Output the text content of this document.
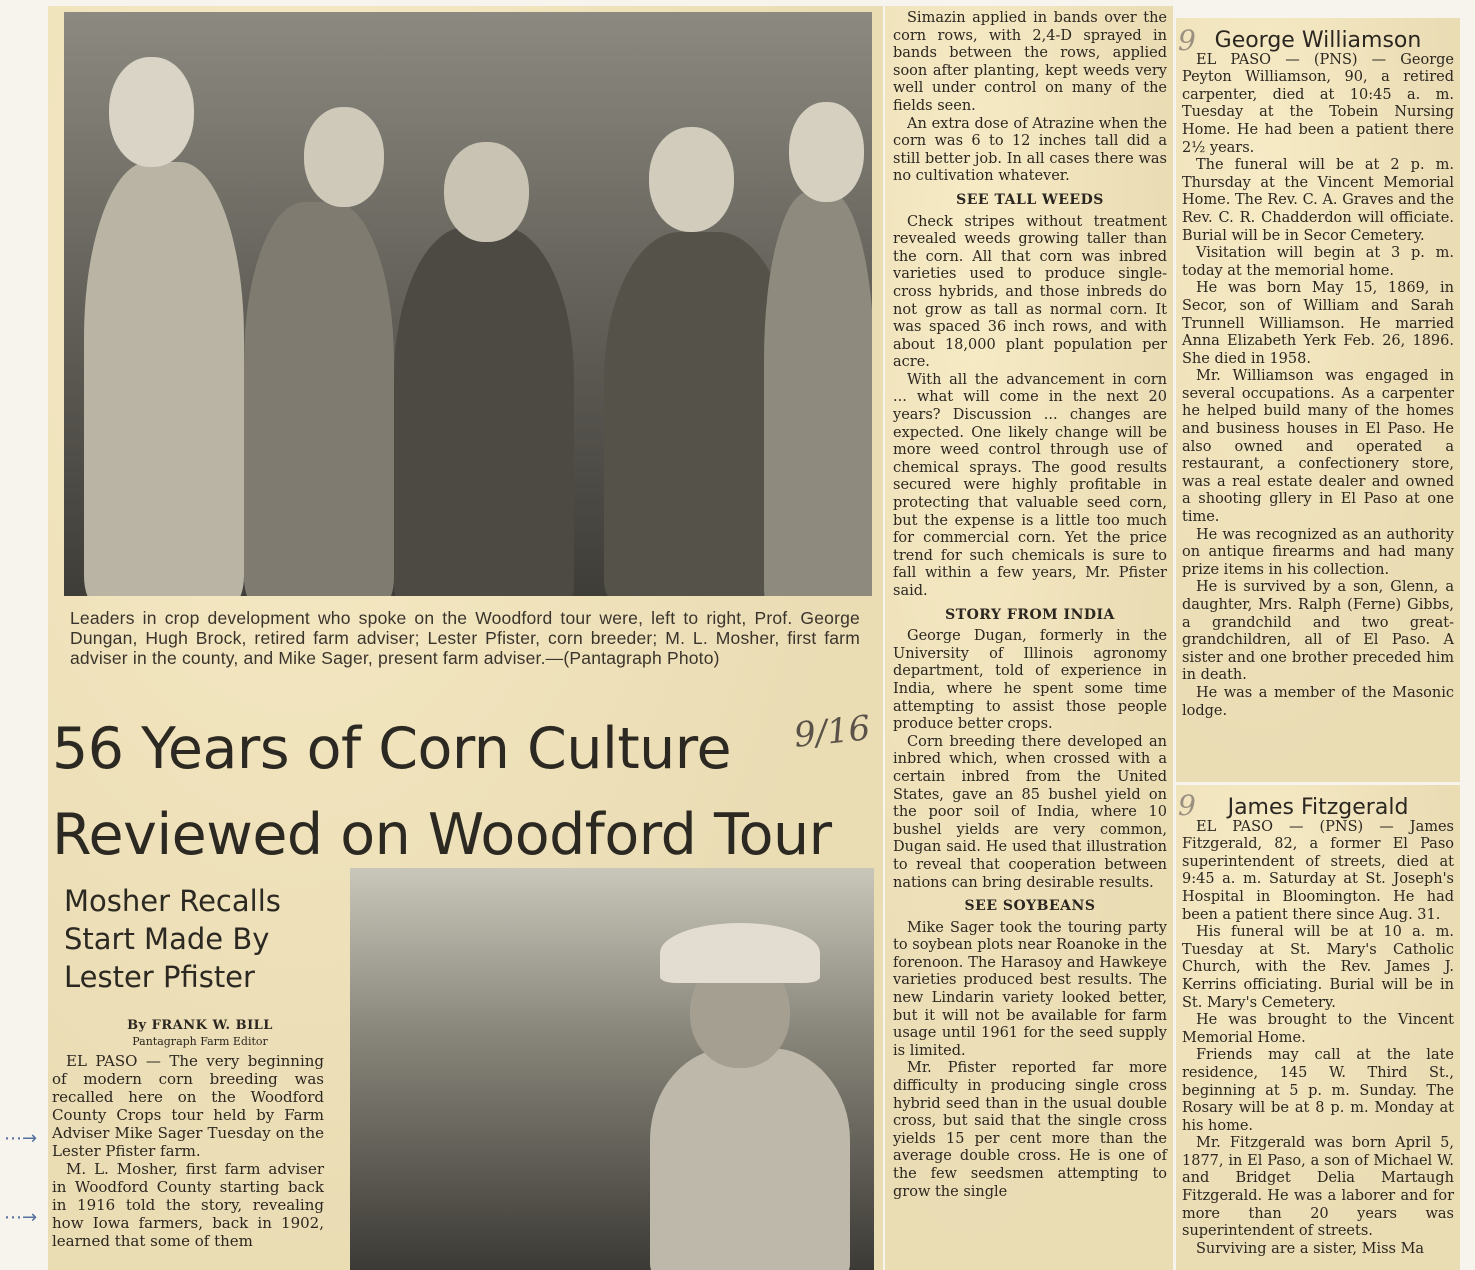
Leaders in crop development who spoke on the Woodford tour were, left to right, Prof. George Dungan, Hugh Brock, retired farm adviser; Lester Pfister, corn breeder; M. L. Mosher, first farm adviser in the county, and Mike Sager, present farm adviser.—(Pantagraph Photo)
56 Years of Corn Culture
Reviewed on Woodford Tour
9/16
Mosher Recalls
Start Made By
Lester Pfister
By FRANK W. BILL
Pantagraph Farm Editor

EL PASO — The very beginning of modern corn breeding was recalled here on the Woodford County Crops tour held by Farm Adviser Mike Sager Tuesday on the Lester Pfister farm.

M. L. Mosher, first farm adviser in Woodford County starting back in 1916 told the story, revealing how Iowa farmers, back in 1902, learned that some of them

⋯→
⋯→

Simazin applied in bands over the corn rows, with 2,4-D sprayed in bands between the rows, applied soon after planting, kept weeds very well under control on many of the fields seen.

An extra dose of Atrazine when the corn was 6 to 12 inches tall did a still better job. In all cases there was no cultivation whatever.

SEE TALL WEEDS

Check stripes without treatment revealed weeds growing taller than the corn. All that corn was inbred varieties used to produce single-cross hybrids, and those inbreds do not grow as tall as normal corn. It was spaced 36 inch rows, and with about 18,000 plant population per acre.

With all the advancement in corn ... what will come in the next 20 years? Discussion ... changes are expected. One likely change will be more weed control through use of chemical sprays. The good results secured were highly profitable in protecting that valuable seed corn, but the expense is a little too much for commercial corn. Yet the price trend for such chemicals is sure to fall within a few years, Mr. Pfister said.

STORY FROM INDIA

George Dugan, formerly in the University of Illinois agronomy department, told of experience in India, where he spent some time attempting to assist those people produce better crops.

Corn breeding there developed an inbred which, when crossed with a certain inbred from the United States, gave an 85 bushel yield on the poor soil of India, where 10 bushel yields are very common, Dugan said. He used that illustration to reveal that cooperation between nations can bring desirable results.

SEE SOYBEANS

Mike Sager took the touring party to soybean plots near Roanoke in the forenoon. The Harasoy and Hawkeye varieties produced best results. The new Lindarin variety looked better, but it will not be available for farm usage until 1961 for the seed supply is limited.

Mr. Pfister reported far more difficulty in producing single cross hybrid seed than in the usual double cross, but said that the single cross yields 15 per cent more than the average double cross. He is one of the few seedsmen attempting to grow the single

9 George Williamson

EL PASO — (PNS) — George Peyton Williamson, 90, a retired carpenter, died at 10:45 a. m. Tuesday at the Tobein Nursing Home. He had been a patient there 2½ years.

The funeral will be at 2 p. m. Thursday at the Vincent Memorial Home. The Rev. C. A. Graves and the Rev. C. R. Chadderdon will officiate. Burial will be in Secor Cemetery.

Visitation will begin at 3 p. m. today at the memorial home.

He was born May 15, 1869, in Secor, son of William and Sarah Trunnell Williamson. He married Anna Elizabeth Yerk Feb. 26, 1896. She died in 1958.

Mr. Williamson was engaged in several occupations. As a carpenter he helped build many of the homes and business houses in El Paso. He also owned and operated a restaurant, a confectionery store, was a real estate dealer and owned a shooting gllery in El Paso at one time.

He was recognized as an authority on antique firearms and had many prize items in his collection.

He is survived by a son, Glenn, a daughter, Mrs. Ralph (Ferne) Gibbs, a grandchild and two great-grandchildren, all of El Paso. A sister and one brother preceded him in death.

He was a member of the Masonic lodge.

9	James Fitzgerald

EL PASO — (PNS) — James Fitzgerald, 82, a former El Paso superintendent of streets, died at 9:45 a. m. Saturday at St. Joseph's Hospital in Bloomington. He had been a patient there since Aug. 31.

His funeral will be at 10 a. m. Tuesday at St. Mary's Catholic Church, with the Rev. James J. Kerrins officiating. Burial will be in St. Mary's Cemetery.

He was brought to the Vincent Memorial Home.

Friends may call at the late residence, 145 W. Third St., beginning at 5 p. m. Sunday. The Rosary will be at 8 p. m. Monday at his home.

Mr. Fitzgerald was born April 5, 1877, in El Paso, a son of Michael W. and Bridget Delia Martaugh Fitzgerald. He was a laborer and for more than 20 years was superintendent of streets.

Surviving are a sister, Miss Ma
